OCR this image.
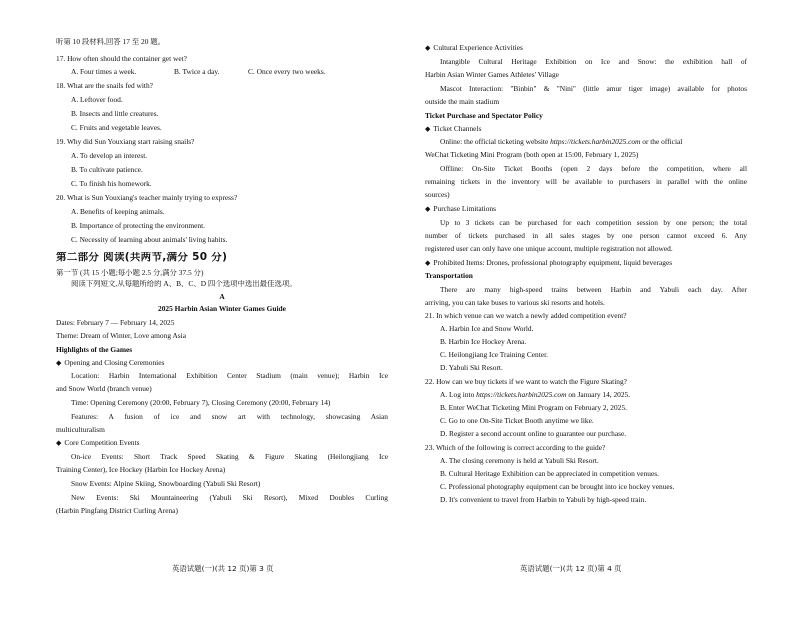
听第 10 段材料,回答 17 至 20 题。
17. How often should the container get wet?
A. Four times a week.	B. Twice a day.	C. Once every two weeks.
18. What are the snails fed with?
A. Leftover food.
B. Insects and little creatures.
C. Fruits and vegetable leaves.
19. Why did Sun Youxiang start raising snails?
A. To develop an interest.
B. To cultivate patience.
C. To finish his homework.
20. What is Sun Youxiang's teacher mainly trying to express?
A. Benefits of keeping animals.
B. Importance of protecting the environment.
C. Necessity of learning about animals' living habits.
第二部分 阅读(共两节,满分 50 分)
第一节 (共 15 小题;每小题 2.5 分,满分 37.5 分)
阅读下列短文,从每题所给的 A、B、C、D 四个选项中选出最佳选项。
A
2025 Harbin Asian Winter Games Guide
Dates: February 7 — February 14, 2025
Theme: Dream of Winter, Love among Asia
Highlights of the Games
◆ Opening and Closing Ceremonies
Location: Harbin International Exhibition Center Stadium (main venue); Harbin Ice
and Snow World (branch venue)
Time: Opening Ceremony (20:00, February 7), Closing Ceremony (20:00, February 14)
Features: A fusion of ice and snow art with technology, showcasing Asian
multiculturalism
◆ Core Competition Events
On-ice Events: Short Track Speed Skating & Figure Skating (Heilongjiang Ice
Training Center), Ice Hockey (Harbin Ice Hockey Arena)
Snow Events: Alpine Skiing, Snowboarding (Yabuli Ski Resort)
New Events: Ski Mountaineering (Yabuli Ski Resort), Mixed Doubles Curling
(Harbin Pingfang District Curling Arena)
英语试题(一)(共 12 页)第 3 页
◆ Cultural Experience Activities
Intangible Cultural Heritage Exhibition on Ice and Snow: the exhibition hall of
Harbin Asian Winter Games Athletes' Village
Mascot Interaction: "Binbin" & "Nini" (little amur tiger image) available for photos
outside the main stadium
Ticket Purchase and Spectator Policy
◆ Ticket Channels
Online: the official ticketing website https://tickets.harbin2025.com or the official
WeChat Ticketing Mini Program (both open at 15:00, February 1, 2025)
Offline: On-Site Ticket Booths (open 2 days before the competition, where all
remaining tickets in the inventory will be available to purchasers in parallel with the online
sources)
◆ Purchase Limitations
Up to 3 tickets can be purchased for each competition session by one person; the total
number of tickets purchased in all sales stages by one person cannot exceed 6. Any
registered user can only have one unique account, multiple registration not allowed.
◆ Prohibited Items: Drones, professional photography equipment, liquid beverages
Transportation
There are many high-speed trains between Harbin and Yabuli each day. After
arriving, you can take buses to various ski resorts and hotels.
21. In which venue can we watch a newly added competition event?
A. Harbin Ice and Snow World.
B. Harbin Ice Hockey Arena.
C. Heilongjiang Ice Training Center.
D. Yabuli Ski Resort.
22. How can we buy tickets if we want to watch the Figure Skating?
A. Log into https://tickets.harbin2025.com on January 14, 2025.
B. Enter WeChat Ticketing Mini Program on February 2, 2025.
C. Go to one On-Site Ticket Booth anytime we like.
D. Register a second account online to guarantee our purchase.
23. Which of the following is correct according to the guide?
A. The closing ceremony is held at Yabuli Ski Resort.
B. Cultural Heritage Exhibition can be appreciated in competition venues.
C. Professional photography equipment can be brought into ice hockey venues.
D. It's convenient to travel from Harbin to Yabuli by high-speed train.
英语试题(一)(共 12 页)第 4 页
